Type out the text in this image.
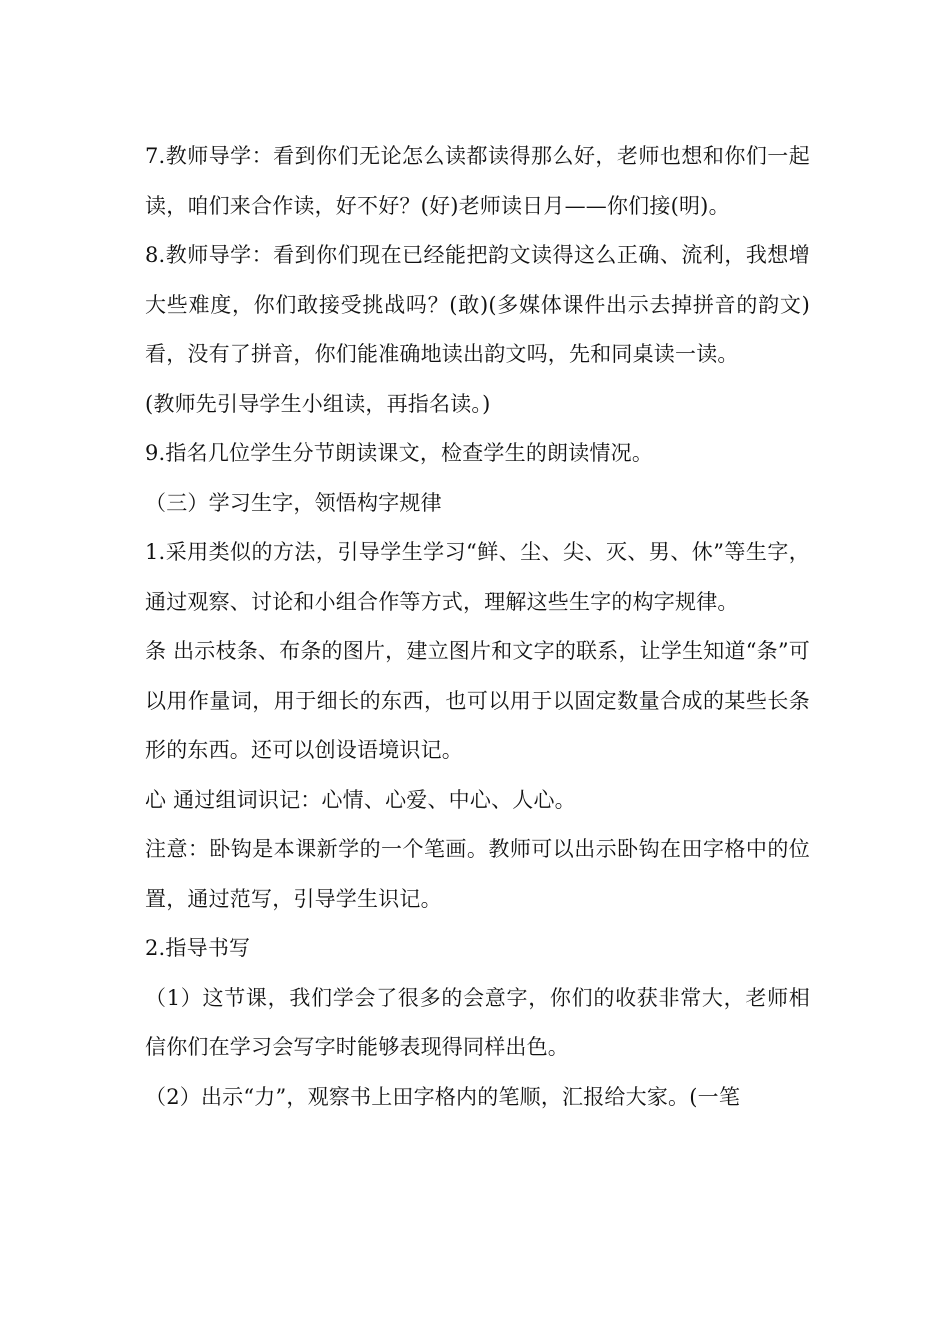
7.教师导学：看到你们无论怎么读都读得那么好，老师也想和你们一起读，咱们来合作读，好不好？(好)老师读日月——你们接(明)。

8.教师导学：看到你们现在已经能把韵文读得这么正确、流利，我想增大些难度，你们敢接受挑战吗？(敢)(多媒体课件出示去掉拼音的韵文)看，没有了拼音，你们能准确地读出韵文吗，先和同桌读一读。

(教师先引导学生小组读，再指名读。)

9.指名几位学生分节朗读课文，检查学生的朗读情况。

（三）学习生字，领悟构字规律

1.采用类似的方法，引导学生学习“鲜、尘、尖、灭、男、休”等生字，通过观察、讨论和小组合作等方式，理解这些生字的构字规律。

条 出示枝条、布条的图片，建立图片和文字的联系，让学生知道“条”可以用作量词，用于细长的东西，也可以用于以固定数量合成的某些长条形的东西。还可以创设语境识记。

心 通过组词识记：心情、心爱、中心、人心。

注意：卧钩是本课新学的一个笔画。教师可以出示卧钩在田字格中的位置，通过范写，引导学生识记。

2.指导书写

（1）这节课，我们学会了很多的会意字，你们的收获非常大，老师相信你们在学习会写字时能够表现得同样出色。

（2）出示“力”，观察书上田字格内的笔顺，汇报给大家。(一笔
